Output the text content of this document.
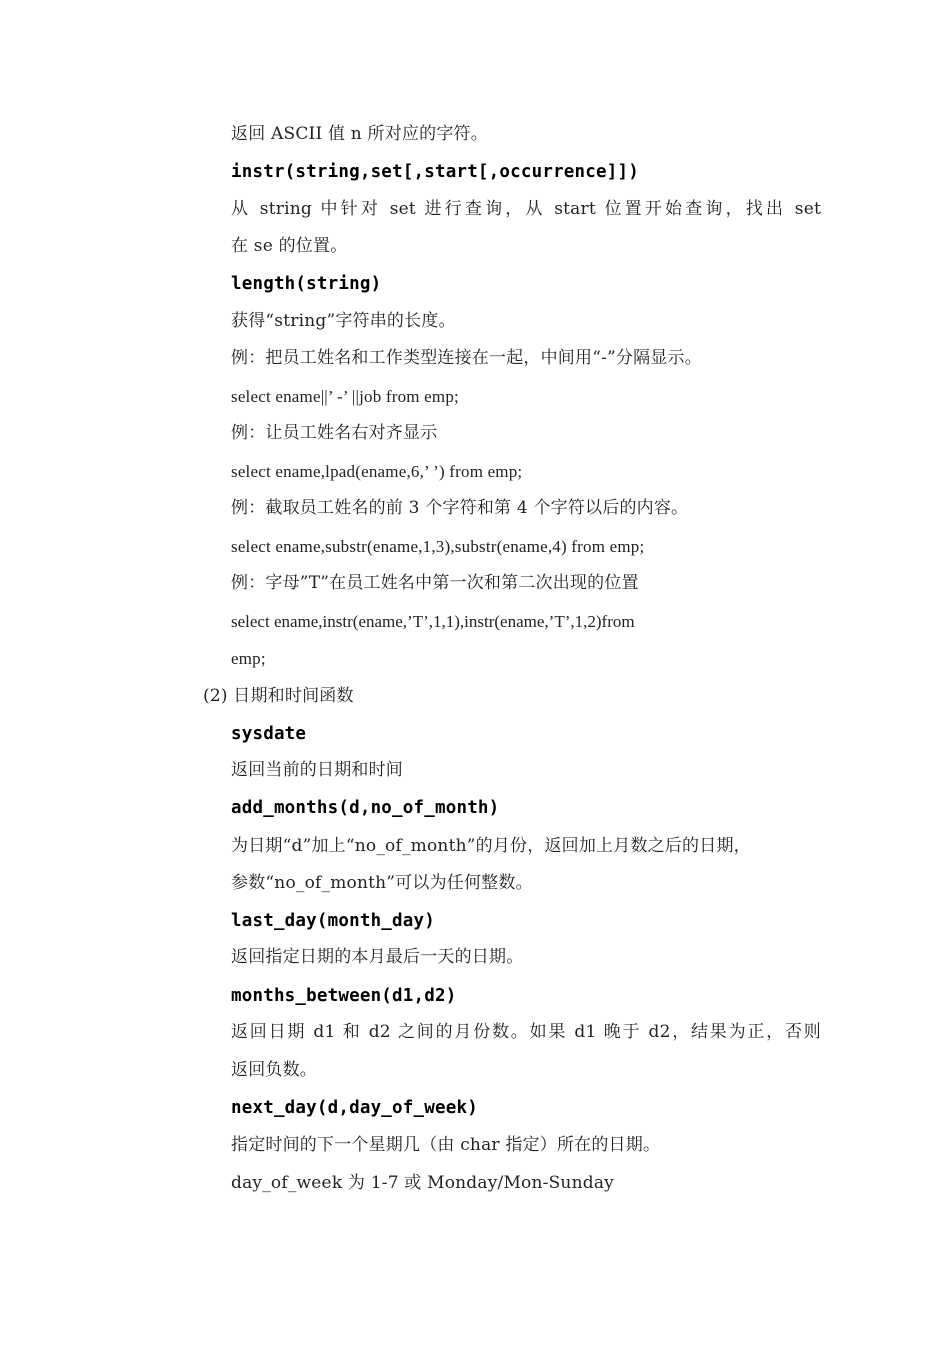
返回 ASCII 值 n 所对应的字符。
instr(string,set[,start[,occurrence]])
从 string 中针对 set 进行查询，从 start 位置开始查询，找出 set
在 se 的位置。
length(string)
获得“string”字符串的长度。
例：把员工姓名和工作类型连接在一起，中间用“-”分隔显示。
select ename||’ -’ ||job from emp;
例：让员工姓名右对齐显示
select ename,lpad(ename,6,’ ’) from emp;
例：截取员工姓名的前 3 个字符和第 4 个字符以后的内容。
select ename,substr(ename,1,3),substr(ename,4) from emp;
例：字母”T”在员工姓名中第一次和第二次出现的位置
select ename,instr(ename,’T’,1,1),instr(ename,’T’,1,2)from
emp;
(2) 日期和时间函数
sysdate
返回当前的日期和时间
add_months(d,no_of_month)
为日期“d”加上“no_of_month”的月份，返回加上月数之后的日期，
参数“no_of_month”可以为任何整数。
last_day(month_day)
返回指定日期的本月最后一天的日期。
months_between(d1,d2)
返回日期 d1 和 d2 之间的月份数。如果 d1 晚于 d2，结果为正，否则
返回负数。
next_day(d,day_of_week)
指定时间的下一个星期几（由 char 指定）所在的日期。
day_of_week 为 1-7 或 Monday/Mon-Sunday
